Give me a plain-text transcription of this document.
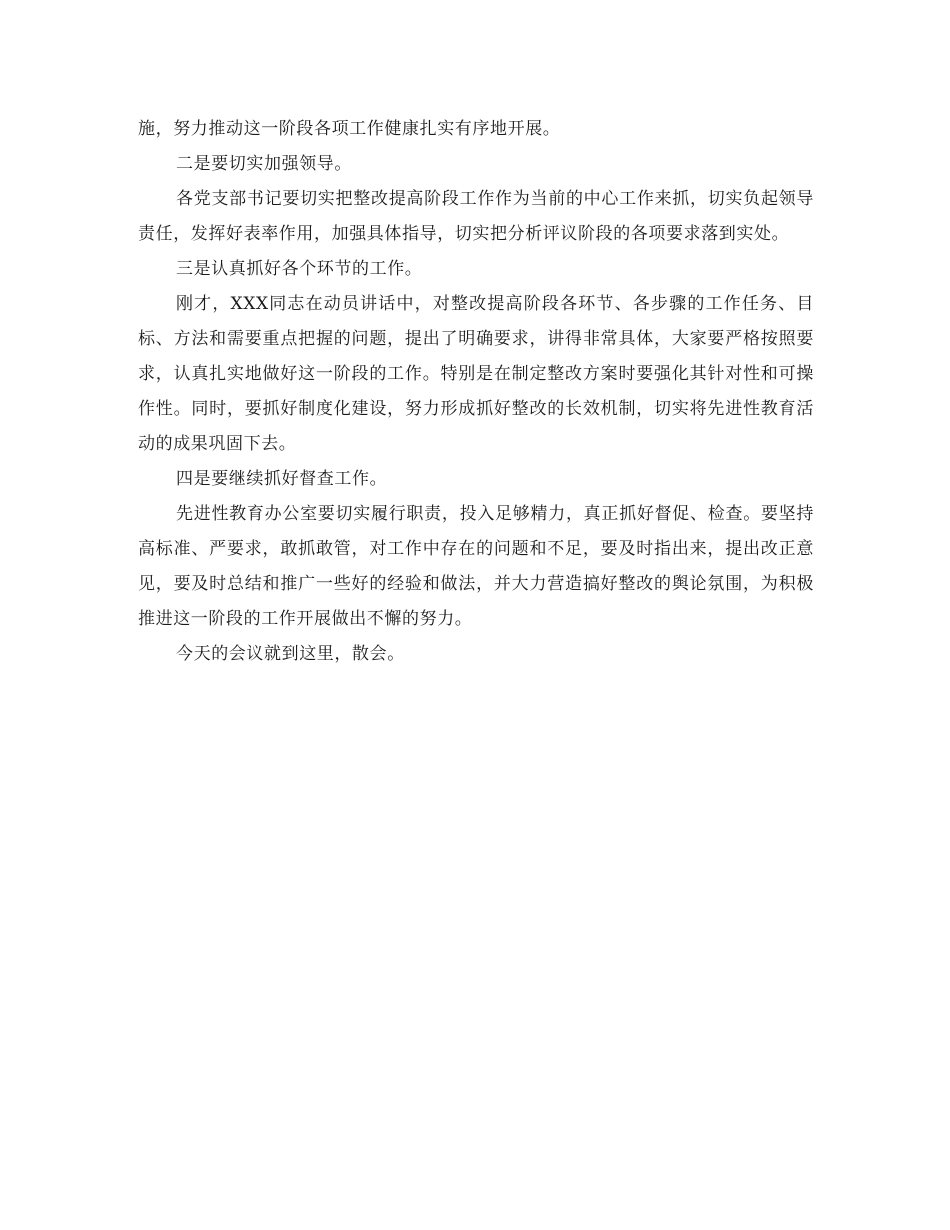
施，努力推动这一阶段各项工作健康扎实有序地开展。

二是要切实加强领导。

各党支部书记要切实把整改提高阶段工作作为当前的中心工作来抓，切实负起领导责任，发挥好表率作用，加强具体指导，切实把分析评议阶段的各项要求落到实处。

三是认真抓好各个环节的工作。

刚才，XXX同志在动员讲话中，对整改提高阶段各环节、各步骤的工作任务、目标、方法和需要重点把握的问题，提出了明确要求，讲得非常具体，大家要严格按照要求，认真扎实地做好这一阶段的工作。特别是在制定整改方案时要强化其针对性和可操作性。同时，要抓好制度化建设，努力形成抓好整改的长效机制，切实将先进性教育活动的成果巩固下去。

四是要继续抓好督查工作。

先进性教育办公室要切实履行职责，投入足够精力，真正抓好督促、检查。要坚持高标准、严要求，敢抓敢管，对工作中存在的问题和不足，要及时指出来，提出改正意见，要及时总结和推广一些好的经验和做法，并大力营造搞好整改的舆论氛围，为积极推进这一阶段的工作开展做出不懈的努力。

今天的会议就到这里，散会。
